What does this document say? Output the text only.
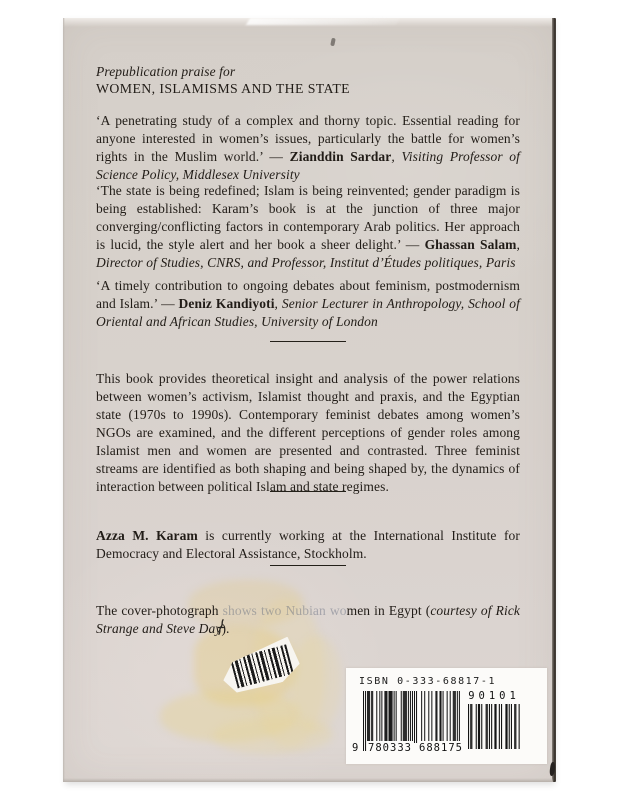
Prepublication praise for

WOMEN, ISLAMISMS AND THE STATE

‘A penetrating study of a complex and thorny topic. Essential reading for anyone interested in women’s issues, particularly the battle for women’s rights in the Muslim world.’ — Zianddin Sardar, Visiting Professor of Science Policy, Middlesex University

‘The state is being redefined; Islam is being reinvented; gender paradigm is being established: Karam’s book is at the junction of three major converging/conflicting factors in contemporary Arab politics. Her approach is lucid, the style alert and her book a sheer delight.’ — Ghassan Salam, Director of Studies, CNRS, and Professor, Institut d’Études politiques, Paris

‘A timely contribution to ongoing debates about feminism, postmodernism and Islam.’ — Deniz Kandiyoti, Senior Lecturer in Anthropology, School of Oriental and African Studies, University of London

This book provides theoretical insight and analysis of the power relations between women’s activism, Islamist thought and praxis, and the Egyptian state (1970s to 1990s). Contemporary feminist debates among women’s NGOs are examined, and the different perceptions of gender roles among Islamist men and women are presented and contrasted. Three feminist streams are identified as both shaping and being shaped by, the dynamics of interaction between political Islam and state regimes.

Azza M. Karam is currently working at the International Institute for Democracy and Electoral Assistance, Stockholm.

The cover-photograph shows two Nubian women in Egypt (courtesy of Rick Strange and Steve Day).

ISBN 0-333-68817-1
9 780333 688175
90101
